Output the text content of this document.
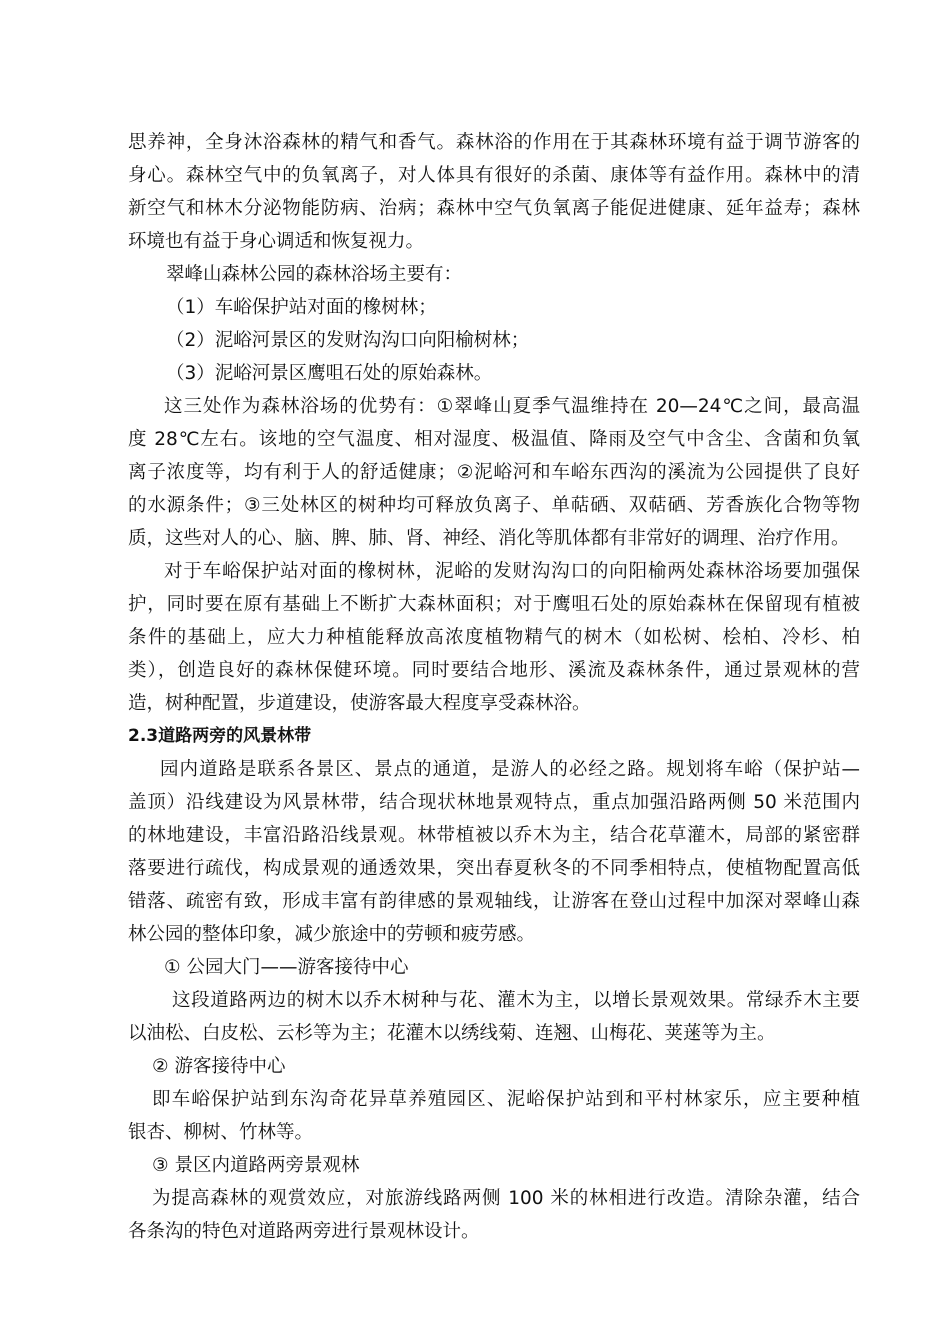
思养神，全身沐浴森林的精气和香气。森林浴的作用在于其森林环境有益于调节游客的
身心。森林空气中的负氧离子，对人体具有很好的杀菌、康体等有益作用。森林中的清
新空气和林木分泌物能防病、治病；森林中空气负氧离子能促进健康、延年益寿；森林
环境也有益于身心调适和恢复视力。
翠峰山森林公园的森林浴场主要有：
（1）车峪保护站对面的橡树林；
（2）泥峪河景区的发财沟沟口向阳榆树林；
（3）泥峪河景区鹰咀石处的原始森林。
这三处作为森林浴场的优势有：①翠峰山夏季气温维持在 20—24℃之间，最高温
度 28℃左右。该地的空气温度、相对湿度、极温值、降雨及空气中含尘、含菌和负氧
离子浓度等，均有利于人的舒适健康；②泥峪河和车峪东西沟的溪流为公园提供了良好
的水源条件；③三处林区的树种均可释放负离子、单萜硒、双萜硒、芳香族化合物等物
质，这些对人的心、脑、脾、肺、肾、神经、消化等肌体都有非常好的调理、治疗作用。
对于车峪保护站对面的橡树林，泥峪的发财沟沟口的向阳榆两处森林浴场要加强保
护，同时要在原有基础上不断扩大森林面积；对于鹰咀石处的原始森林在保留现有植被
条件的基础上，应大力种植能释放高浓度植物精气的树木（如松树、桧柏、冷杉、柏
类），创造良好的森林保健环境。同时要结合地形、溪流及森林条件，通过景观林的营
造，树种配置，步道建设，使游客最大程度享受森林浴。
2.3道路两旁的风景林带
园内道路是联系各景区、景点的通道，是游人的必经之路。规划将车峪（保护站—
盖顶）沿线建设为风景林带，结合现状林地景观特点，重点加强沿路两侧 50 米范围内
的林地建设，丰富沿路沿线景观。林带植被以乔木为主，结合花草灌木，局部的紧密群
落要进行疏伐，构成景观的通透效果，突出春夏秋冬的不同季相特点，使植物配置高低
错落、疏密有致，形成丰富有韵律感的景观轴线，让游客在登山过程中加深对翠峰山森
林公园的整体印象，减少旅途中的劳顿和疲劳感。
① 公园大门——游客接待中心
这段道路两边的树木以乔木树种与花、灌木为主，以增长景观效果。常绿乔木主要
以油松、白皮松、云杉等为主；花灌木以绣线菊、连翘、山梅花、荚蒾等为主。
② 游客接待中心
即车峪保护站到东沟奇花异草养殖园区、泥峪保护站到和平村林家乐，应主要种植
银杏、柳树、竹林等。
③ 景区内道路两旁景观林
为提高森林的观赏效应，对旅游线路两侧 100 米的林相进行改造。清除杂灌，结合
各条沟的特色对道路两旁进行景观林设计。
